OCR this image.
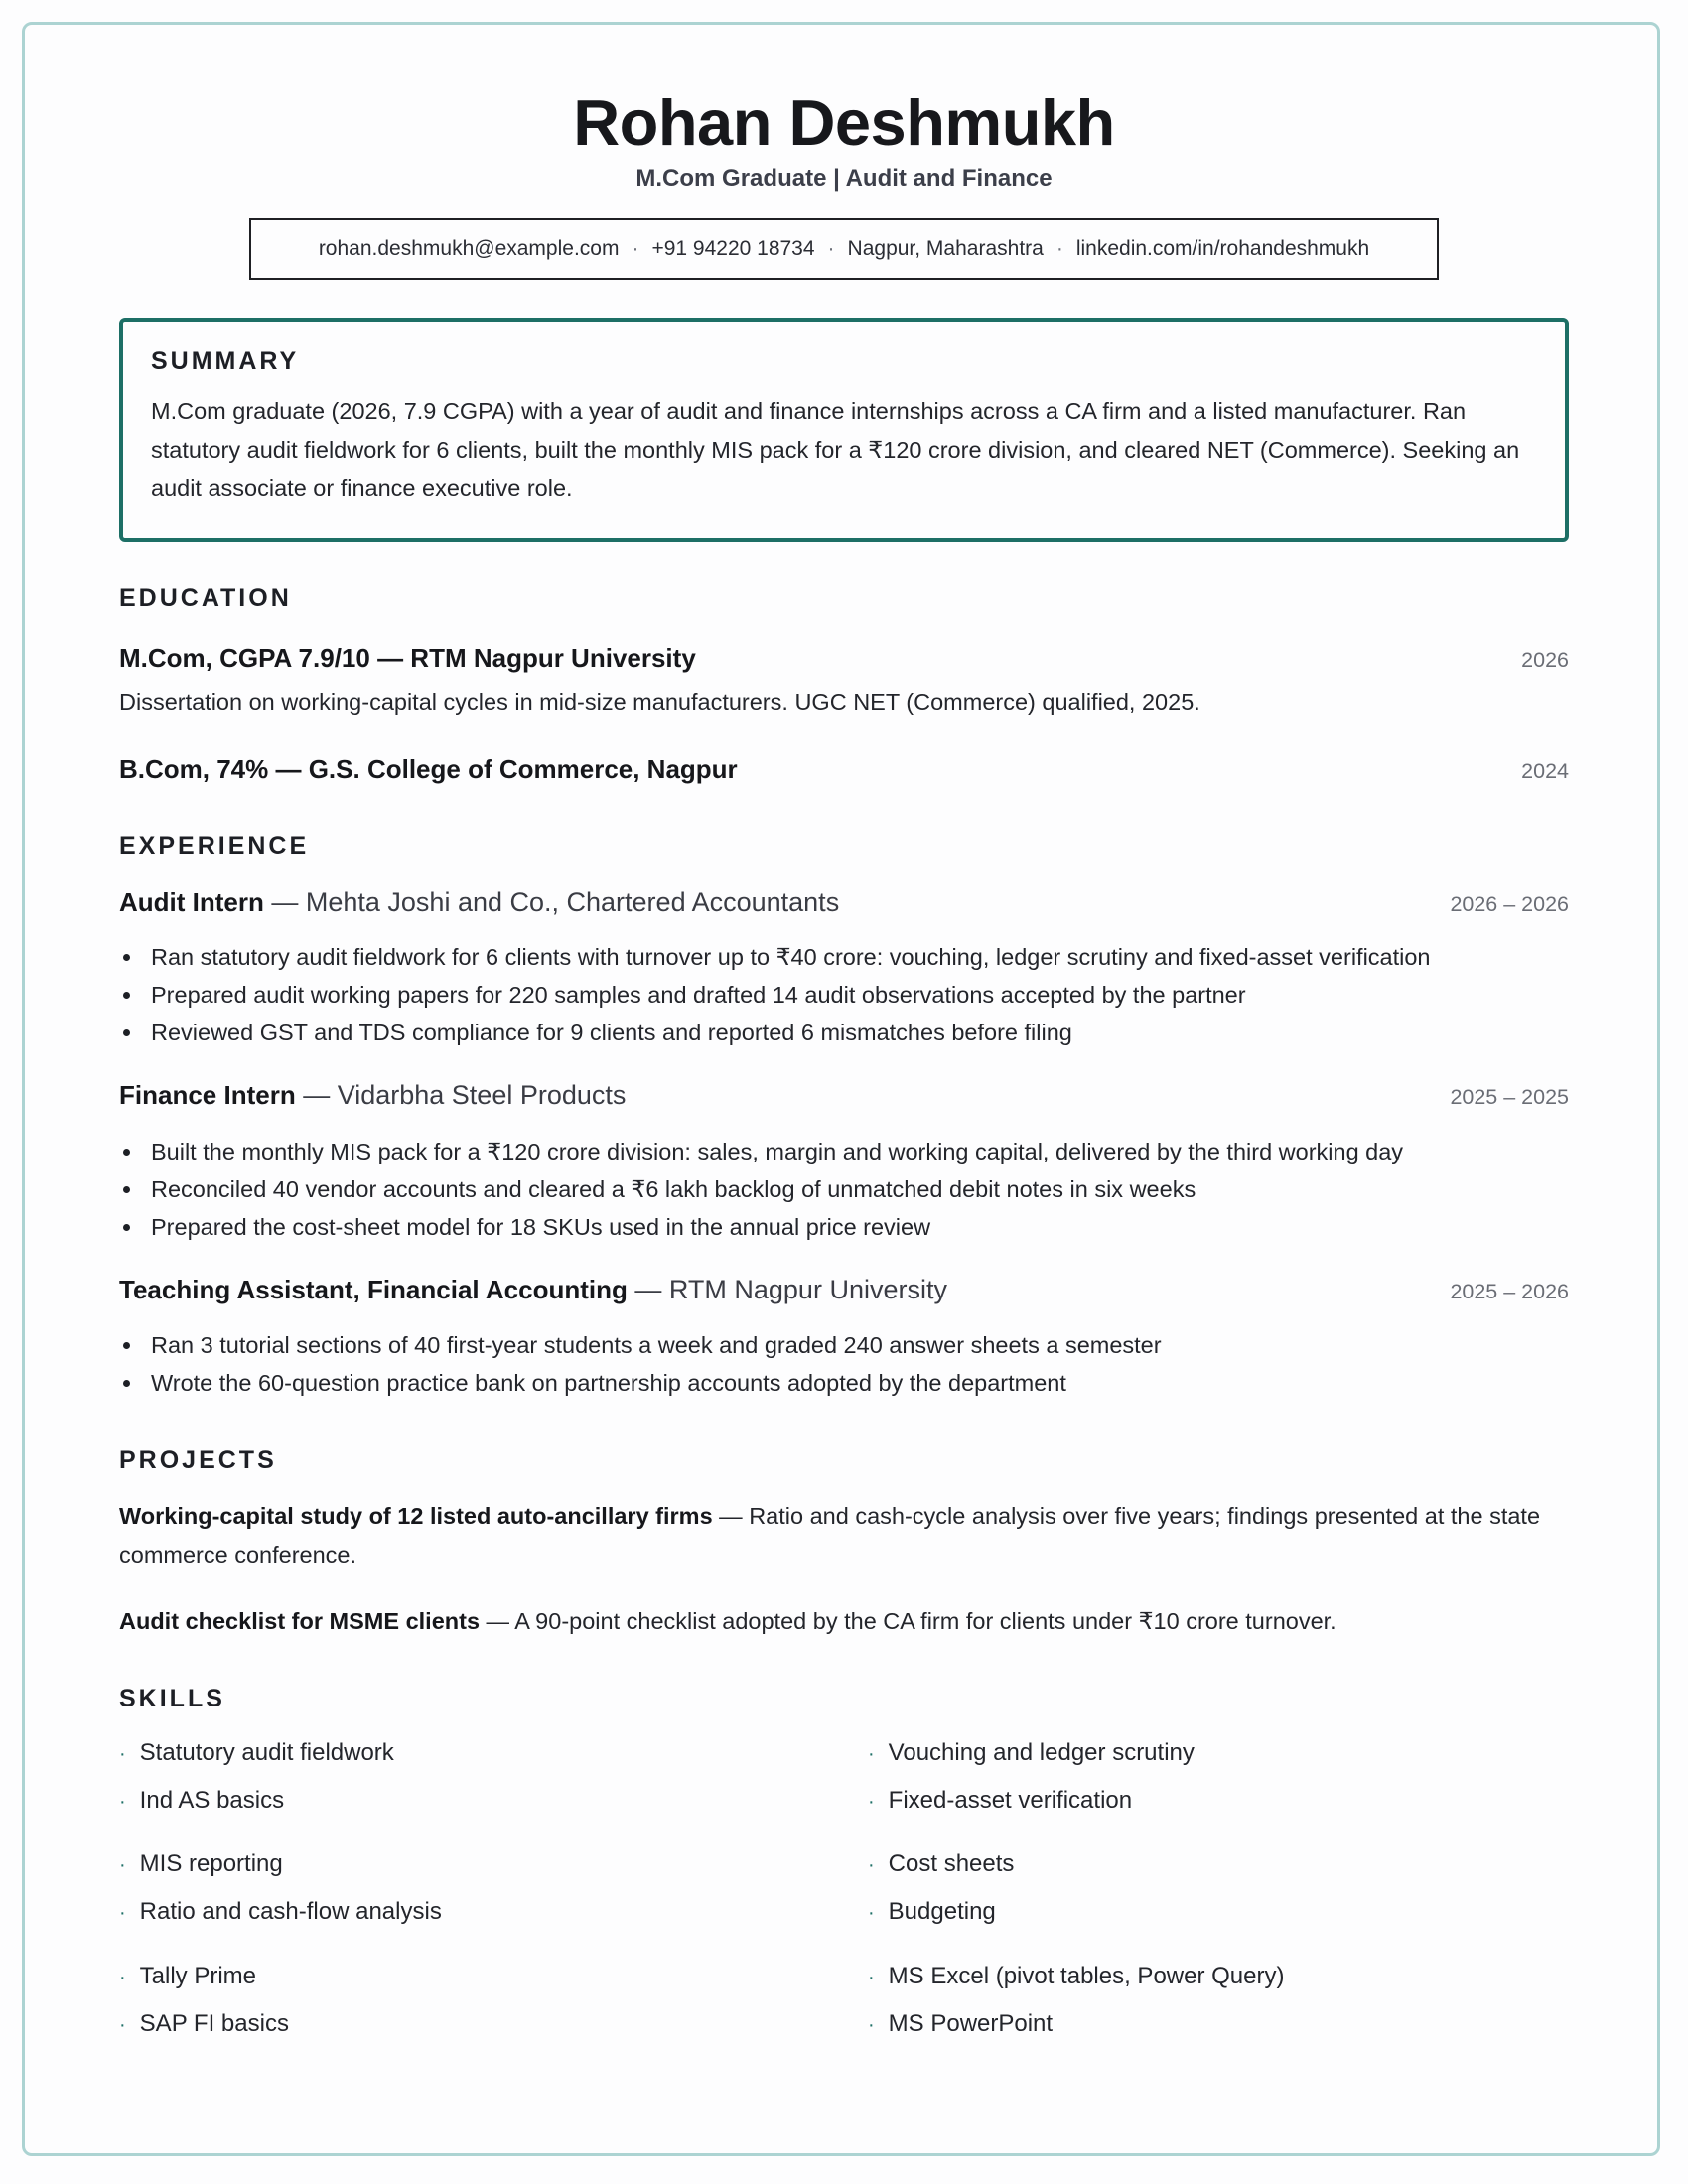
Rohan Deshmukh
M.Com Graduate | Audit and Finance
rohan.deshmukh@example.com · +91 94220 18734 · Nagpur, Maharashtra · linkedin.com/in/rohandeshmukh
SUMMARY
M.Com graduate (2026, 7.9 CGPA) with a year of audit and finance internships across a CA firm and a listed manufacturer. Ran statutory audit fieldwork for 6 clients, built the monthly MIS pack for a ₹120 crore division, and cleared NET (Commerce). Seeking an audit associate or finance executive role.
EDUCATION
M.Com, CGPA 7.9/10 — RTM Nagpur University	2026
Dissertation on working-capital cycles in mid-size manufacturers. UGC NET (Commerce) qualified, 2025.
B.Com, 74% — G.S. College of Commerce, Nagpur	2024
EXPERIENCE
Audit Intern — Mehta Joshi and Co., Chartered Accountants	2026 – 2026
Ran statutory audit fieldwork for 6 clients with turnover up to ₹40 crore: vouching, ledger scrutiny and fixed-asset verification
Prepared audit working papers for 220 samples and drafted 14 audit observations accepted by the partner
Reviewed GST and TDS compliance for 9 clients and reported 6 mismatches before filing
Finance Intern — Vidarbha Steel Products	2025 – 2025
Built the monthly MIS pack for a ₹120 crore division: sales, margin and working capital, delivered by the third working day
Reconciled 40 vendor accounts and cleared a ₹6 lakh backlog of unmatched debit notes in six weeks
Prepared the cost-sheet model for 18 SKUs used in the annual price review
Teaching Assistant, Financial Accounting — RTM Nagpur University	2025 – 2026
Ran 3 tutorial sections of 40 first-year students a week and graded 240 answer sheets a semester
Wrote the 60-question practice bank on partnership accounts adopted by the department
PROJECTS
Working-capital study of 12 listed auto-ancillary firms — Ratio and cash-cycle analysis over five years; findings presented at the state commerce conference.
Audit checklist for MSME clients — A 90-point checklist adopted by the CA firm for clients under ₹10 crore turnover.
SKILLS
· Statutory audit fieldwork	· Vouching and ledger scrutiny
· Ind AS basics	· Fixed-asset verification
· MIS reporting	· Cost sheets
· Ratio and cash-flow analysis	· Budgeting
· Tally Prime	· MS Excel (pivot tables, Power Query)
· SAP FI basics	· MS PowerPoint
